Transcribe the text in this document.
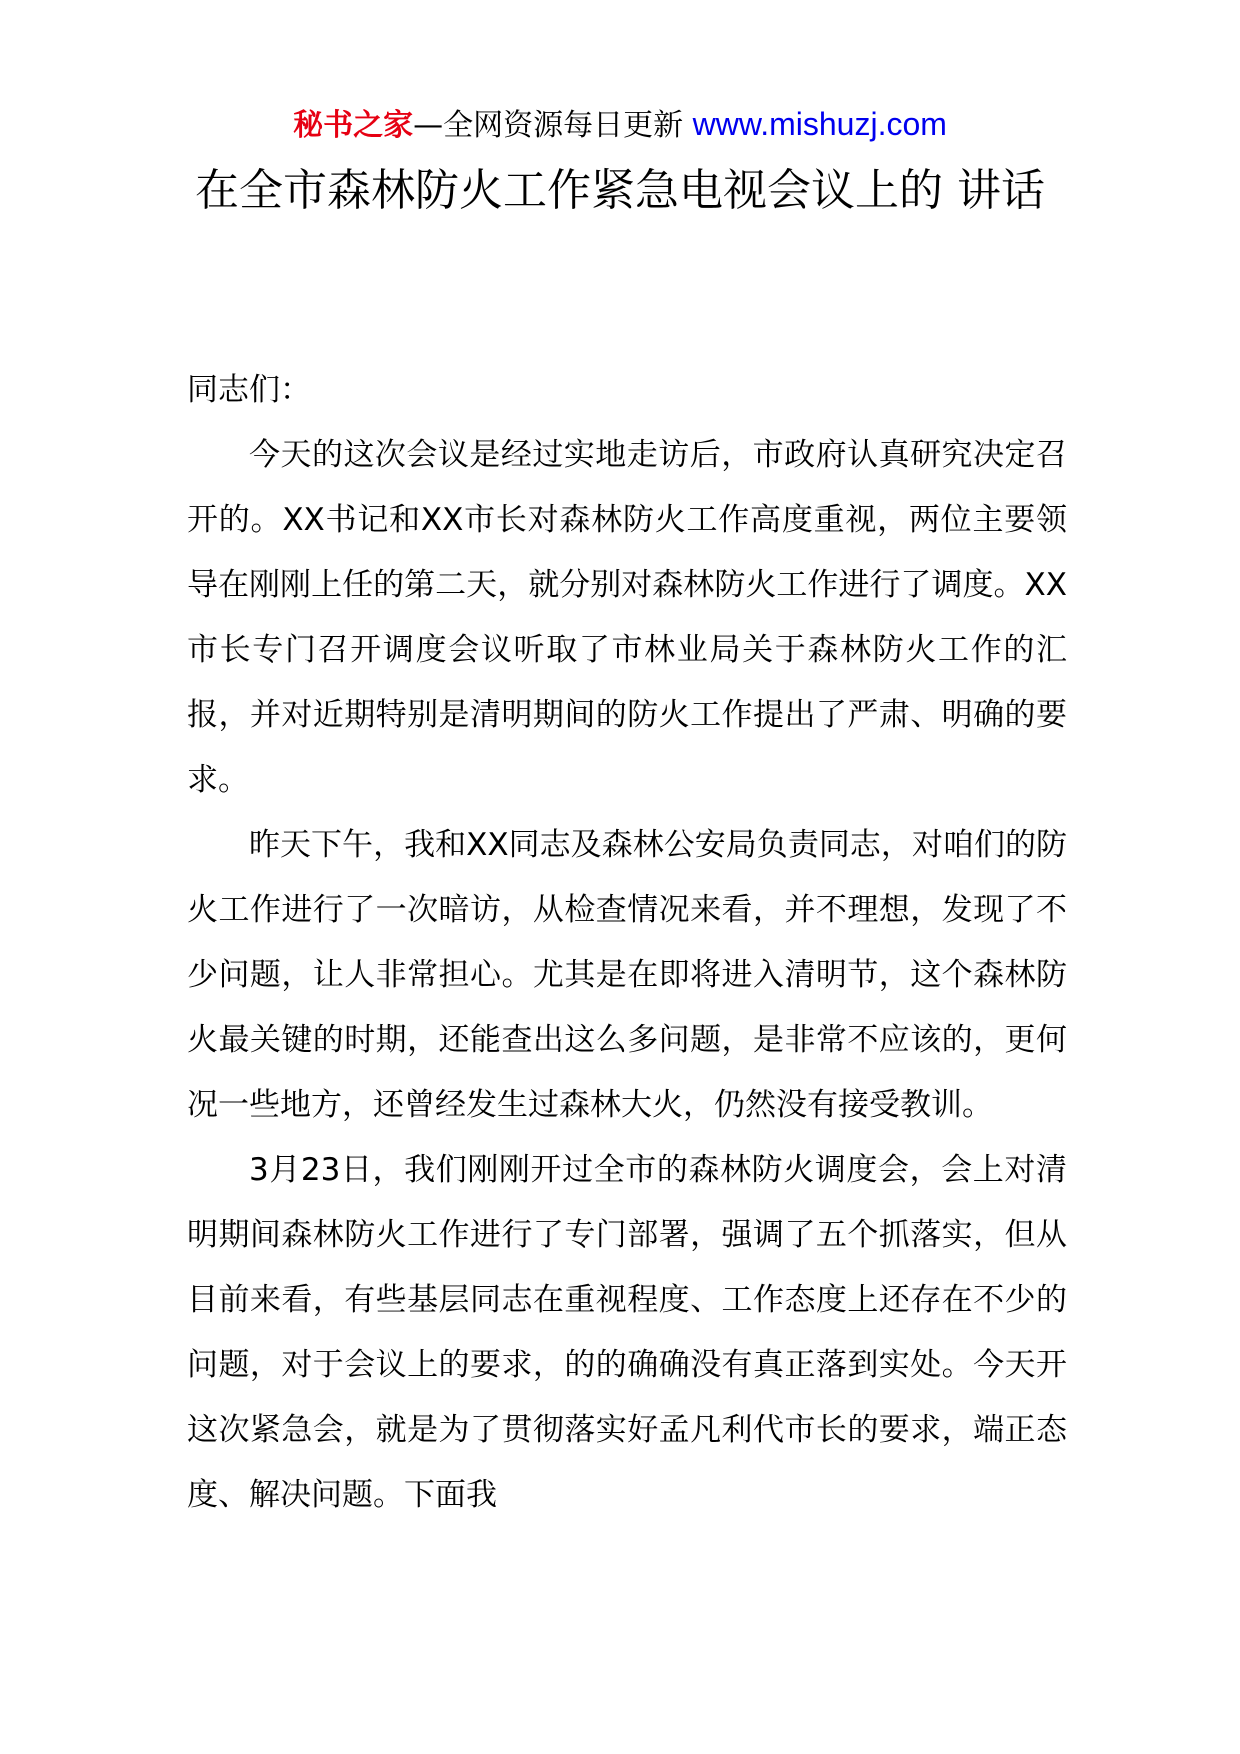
秘书之家—全网资源每日更新 www.mishuzj.com
在全市森林防火工作紧急电视会议上的 讲话

同志们：

今天的这次会议是经过实地走访后，市政府认真研究决定召开的。XX书记和XX市长对森林防火工作高度重视，两位主要领导在刚刚上任的第二天，就分别对森林防火工作进行了调度。XX市长专门召开调度会议听取了市林业局关于森林防火工作的汇报，并对近期特别是清明期间的防火工作提出了严肃、明确的要求。

昨天下午，我和XX同志及森林公安局负责同志，对咱们的防火工作进行了一次暗访，从检查情况来看，并不理想，发现了不少问题，让人非常担心。尤其是在即将进入清明节，这个森林防火最关键的时期，还能查出这么多问题，是非常不应该的，更何况一些地方，还曾经发生过森林大火，仍然没有接受教训。

3月23日，我们刚刚开过全市的森林防火调度会，会上对清明期间森林防火工作进行了专门部署，强调了五个抓落实，但从目前来看，有些基层同志在重视程度、工作态度上还存在不少的问题，对于会议上的要求，的的确确没有真正落到实处。今天开这次紧急会，就是为了贯彻落实好孟凡利代市长的要求，端正态度、解决问题。下面我
